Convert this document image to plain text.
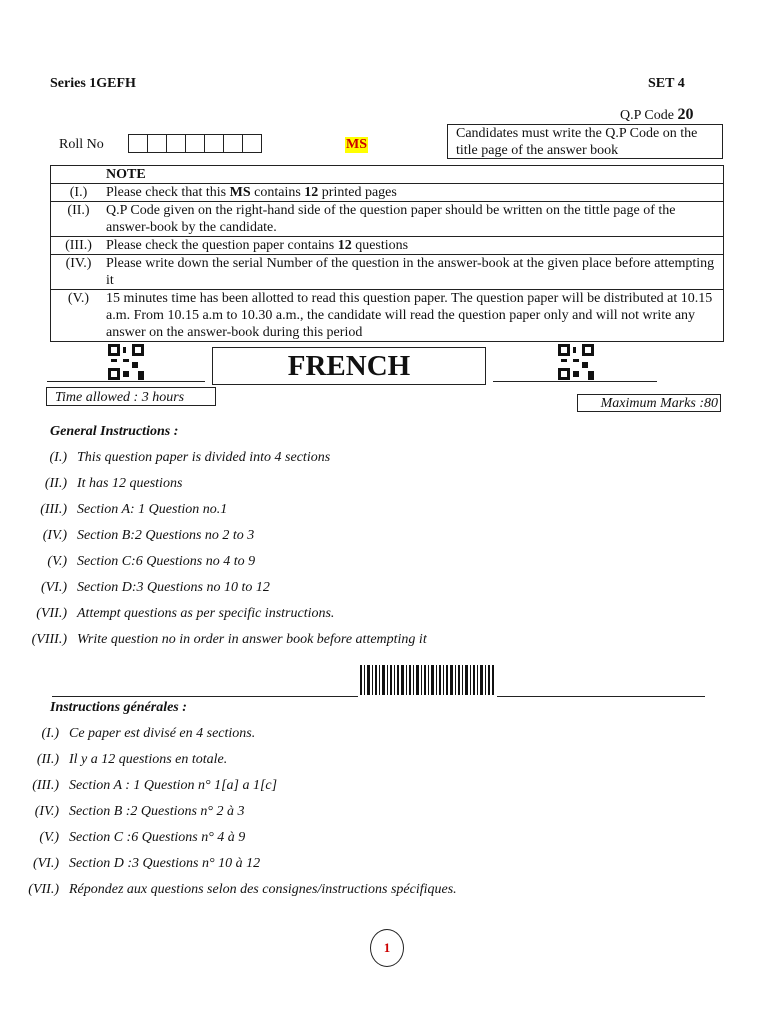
Series 1GEFH	SET 4
Q.P Code 20
Roll No	MS
Candidates must write the Q.P Code on the title page of the answer book
NOTE
(I.)	Please check that this MS contains 12 printed pages
(II.)	Q.P Code given on the right-hand side of the question paper should be written on the tittle page of the answer-book by the candidate.
(III.)	Please check the question paper contains 12 questions
(IV.)	Please write down the serial Number of the question in the answer-book at the given place before attempting it
(V.)	15 minutes time has been allotted to read this question paper. The question paper will be distributed at 10.15 a.m. From 10.15 a.m to 10.30 a.m., the candidate will read the question paper only and will not write any answer on the answer-book during this period
FRENCH
Time allowed : 3 hours	Maximum Marks :80
General Instructions :
(I.) This question paper is divided into 4 sections
(II.) It has 12 questions
(III.) Section A: 1 Question no.1
(IV.) Section B:2 Questions no 2 to 3
(V.) Section C:6 Questions no 4 to 9
(VI.) Section D:3 Questions no 10 to 12
(VII.) Attempt questions as per specific instructions.
(VIII.) Write question no in order in answer book before attempting it
Instructions générales :
(I.) Ce paper est divisé en 4 sections.
(II.) Il y a 12 questions en totale.
(III.) Section A : 1 Question n° 1[a] a 1[c]
(IV.) Section B :2 Questions n° 2 à 3
(V.) Section C :6 Questions n° 4 à 9
(VI.) Section D :3 Questions n° 10 à 12
(VII.) Répondez aux questions selon des consignes/instructions spécifiques.
1
